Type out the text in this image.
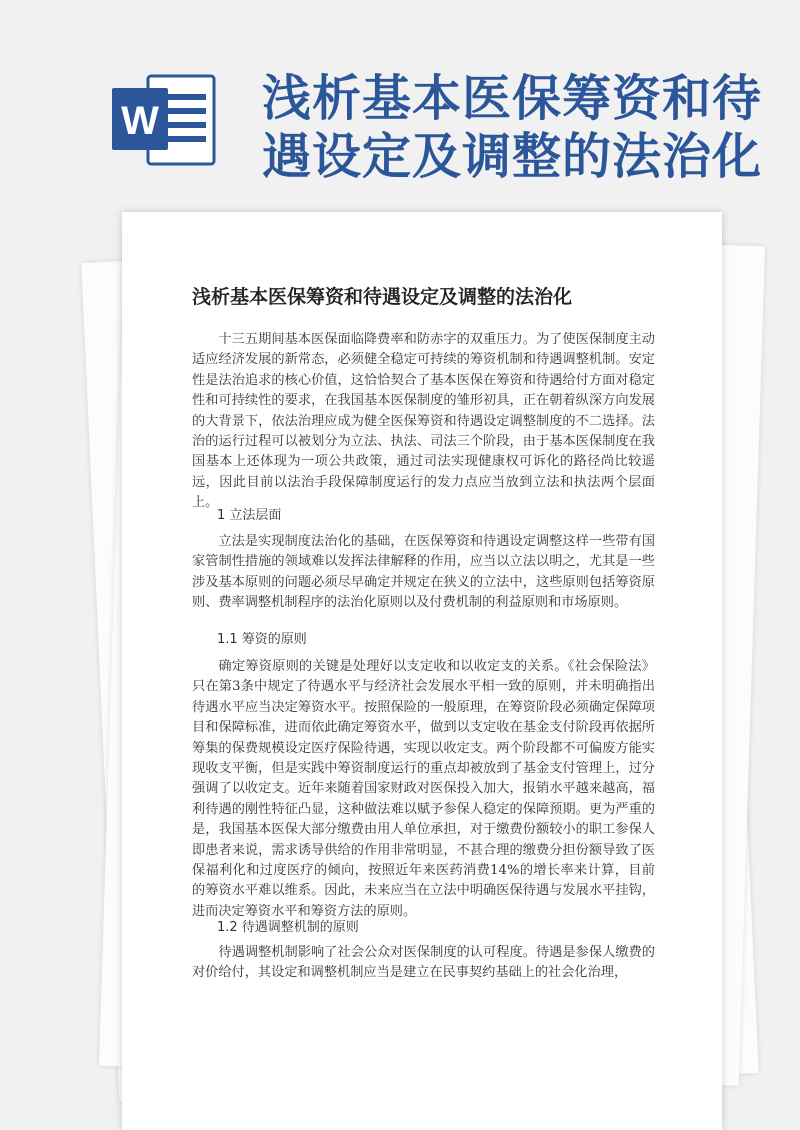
W 浅析基本医保筹资和待
遇设定及调整的法治化
浅析基本医保筹资和待遇设定及调整的法治化

十三五期间基本医保面临降费率和防赤字的双重压力。为了使医保制度主动适应经济发展的新常态，必须健全稳定可持续的筹资机制和待遇调整机制。安定性是法治追求的核心价值，这恰恰契合了基本医保在筹资和待遇给付方面对稳定性和可持续性的要求，在我国基本医保制度的雏形初具，正在朝着纵深方向发展的大背景下，依法治理应成为健全医保筹资和待遇设定调整制度的不二选择。法治的运行过程可以被划分为立法、执法、司法三个阶段，由于基本医保制度在我国基本上还体现为一项公共政策，通过司法实现健康权可诉化的路径尚比较遥远，因此目前以法治手段保障制度运行的发力点应当放到立法和执法两个层面上。

1 立法层面

立法是实现制度法治化的基础，在医保筹资和待遇设定调整这样一些带有国家管制性措施的领域难以发挥法律解释的作用，应当以立法以明之，尤其是一些涉及基本原则的问题必须尽早确定并规定在狭义的立法中，这些原则包括筹资原则、费率调整机制程序的法治化原则以及付费机制的利益原则和市场原则。

1.1 筹资的原则

确定筹资原则的关键是处理好以支定收和以收定支的关系。《社会保险法》只在第3条中规定了待遇水平与经济社会发展水平相一致的原则，并未明确指出待遇水平应当决定筹资水平。按照保险的一般原理，在筹资阶段必须确定保障项目和保障标准，进而依此确定筹资水平，做到以支定收在基金支付阶段再依据所筹集的保费规模设定医疗保险待遇，实现以收定支。两个阶段都不可偏废方能实现收支平衡，但是实践中筹资制度运行的重点却被放到了基金支付管理上，过分强调了以收定支。近年来随着国家财政对医保投入加大，报销水平越来越高，福利待遇的刚性特征凸显，这种做法难以赋予参保人稳定的保障预期。更为严重的是，我国基本医保大部分缴费由用人单位承担，对于缴费份额较小的职工参保人即患者来说，需求诱导供给的作用非常明显，不甚合理的缴费分担份额导致了医保福利化和过度医疗的倾向，按照近年来医药消费14%的增长率来计算，目前的筹资水平难以维系。因此，未来应当在立法中明确医保待遇与发展水平挂钩，进而决定筹资水平和筹资方法的原则。

1.2 待遇调整机制的原则

待遇调整机制影响了社会公众对医保制度的认可程度。待遇是参保人缴费的对价给付，其设定和调整机制应当是建立在民事契约基础上的社会化治理，
